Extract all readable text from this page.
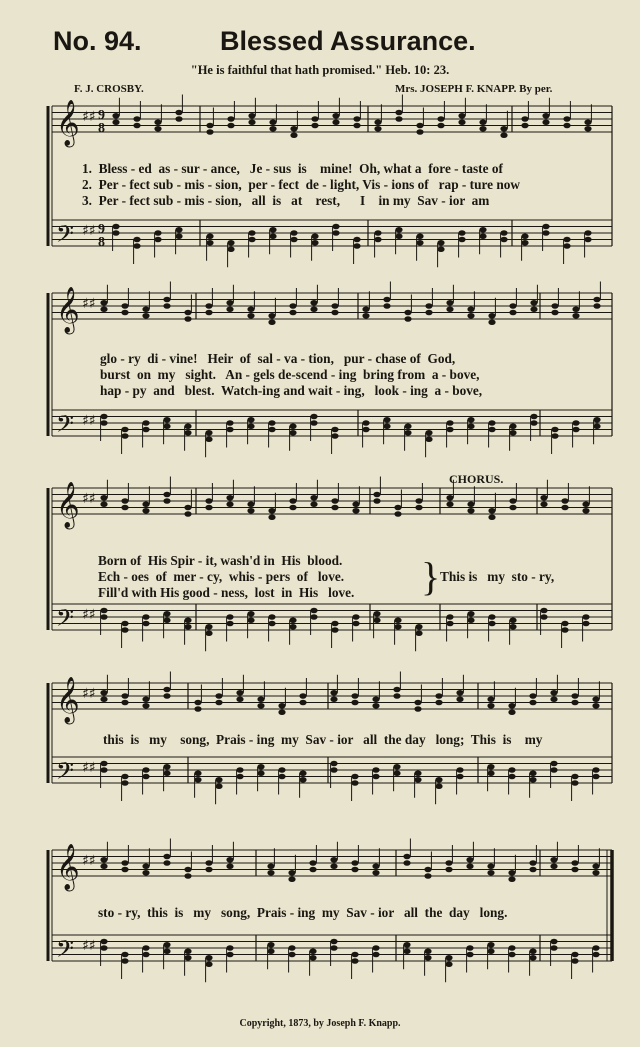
No. 94.	Blessed Assurance.
"He is faithful that hath promised." Heb. 10: 23.
F. J. CROSBY.	Mrs. JOSEPH F. KNAPP. By per.
𝄞 ♯♯ 9
8
𝄢 ♯♯ 9
8
𝄞 ♯♯
𝄢 ♯♯
𝄞 ♯♯
𝄢 ♯♯
𝄞 ♯♯
𝄢 ♯♯
𝄞 ♯♯
𝄢 ♯♯
1.  Bless - ed  as - sur - ance,   Je - sus  is    mine!  Oh, what a  fore - taste of
2.  Per - fect sub - mis - sion,  per - fect  de - light, Vis - ions of   rap - ture now
3.  Per - fect sub - mis - sion,   all  is   at    rest,      I    in my  Sav - ior  am
glo - ry  di - vine!   Heir  of  sal - va - tion,   pur - chase of  God,
burst  on  my   sight.   An - gels de-scend - ing  bring from  a - bove,
hap - py  and   blest.  Watch-ing and wait - ing,   look - ing  a - bove,
Born of  His Spir - it, wash'd in  His  blood.
Ech - oes  of  mer - cy,  whis - pers  of   love.
Fill'd with His good - ness,  lost  in  His   love. }
CHORUS.
This is   my  sto - ry,
this  is   my    song,  Prais - ing  my  Sav - ior   all  the day   long;  This  is    my
sto - ry,  this  is   my   song,  Prais - ing  my  Sav - ior   all  the  day   long.
Copyright, 1873, by Joseph F. Knapp.
